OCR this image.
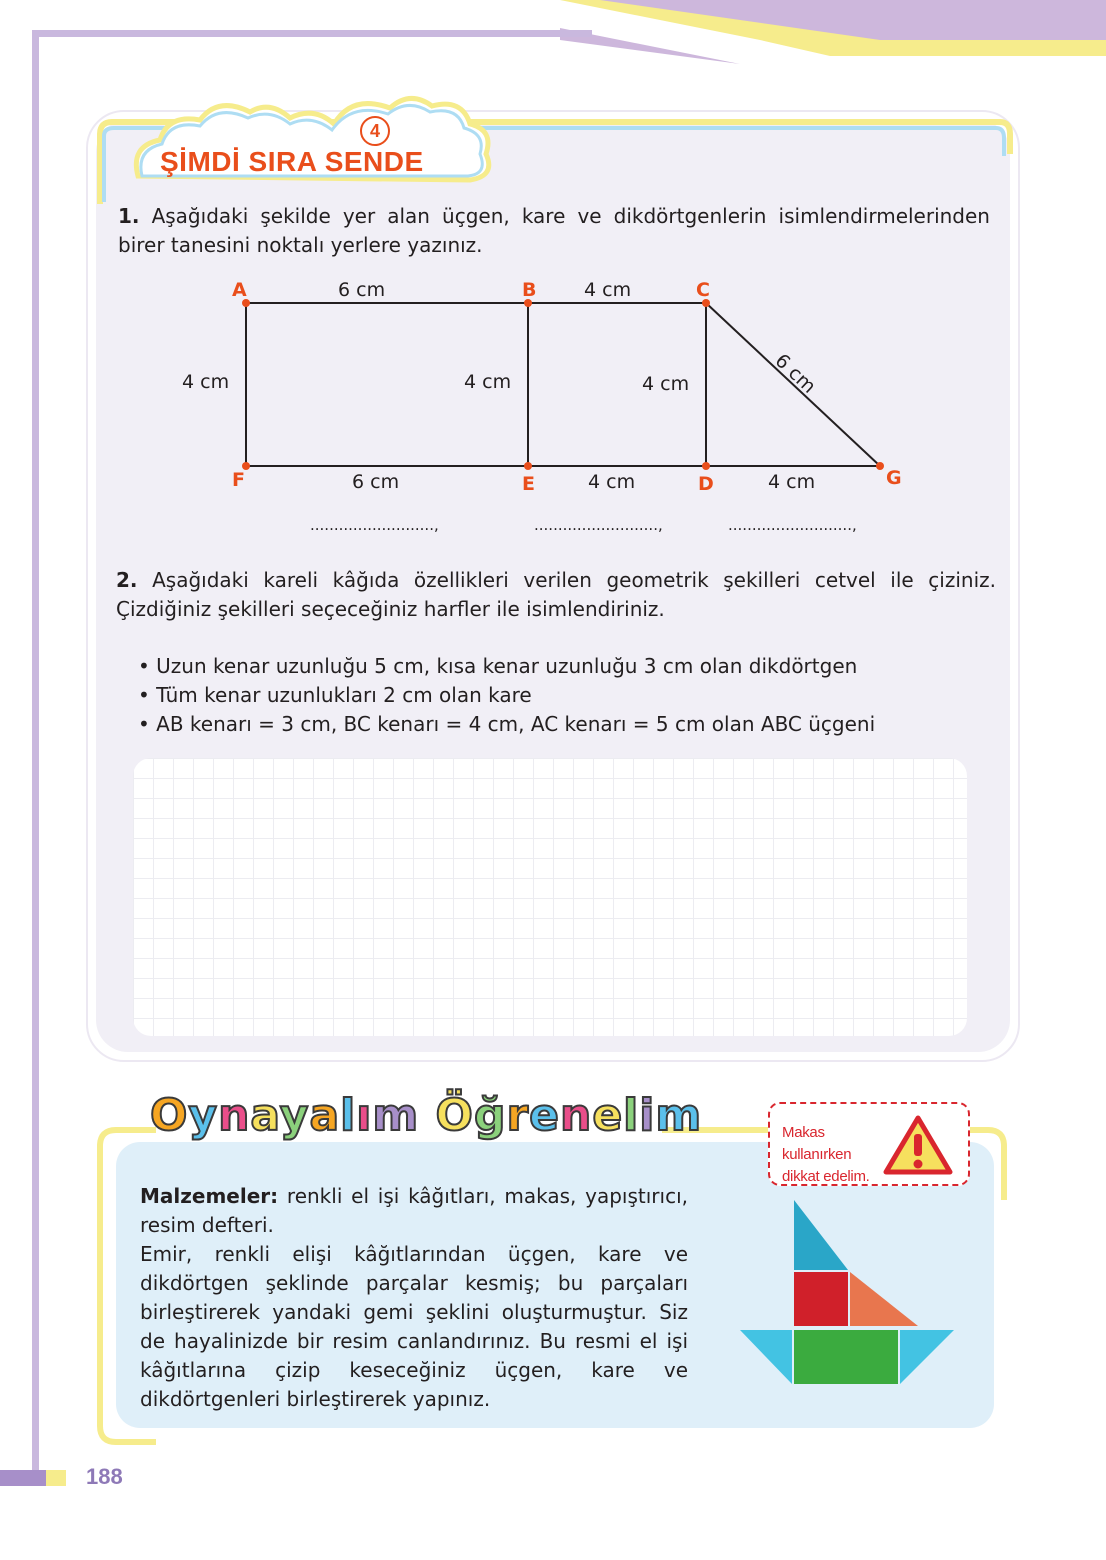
4
ŞİMDİ SIRA SENDE
1. Aşağıdaki şekilde yer alan üçgen, kare ve dikdörtgenlerin isimlendirmelerinden birer tanesini noktalı yerlere yazınız.
A	B	C
D
E
F	G
6 cm	4 cm
4 cm	4 cm	4 cm	6 cm
6 cm	4 cm	4 cm
..........................,	..........................,	..........................,
2. Aşağıdaki kareli kâğıda özellikleri verilen geometrik şekilleri cetvel ile çiziniz. Çizdiğiniz şekilleri seçeceğiniz harfler ile isimlendiriniz.
• Uzun kenar uzunluğu 5 cm, kısa kenar uzunluğu 3 cm olan dikdörtgen
• Tüm kenar uzunlukları 2 cm olan kare
• AB kenarı = 3 cm, BC kenarı = 4 cm, AC kenarı = 5 cm olan ABC üçgeni
Oynayalım Öğrenelim
Malzemeler: renkli el işi kâğıtları, makas, yapıştırıcı, resim defteri.
Emir, renkli elişi kâğıtlarından üçgen, kare ve dikdörtgen şeklinde parçalar kesmiş; bu parçaları birleştirerek yandaki gemi şeklini oluşturmuştur. Siz de hayalinizde bir resim canlandırınız. Bu resmi el işi kâğıtlarına çizip keseceğiniz üçgen, kare ve dikdörtgenleri birleştirerek yapınız.
Makas kullanırken dikkat edelim.
188
